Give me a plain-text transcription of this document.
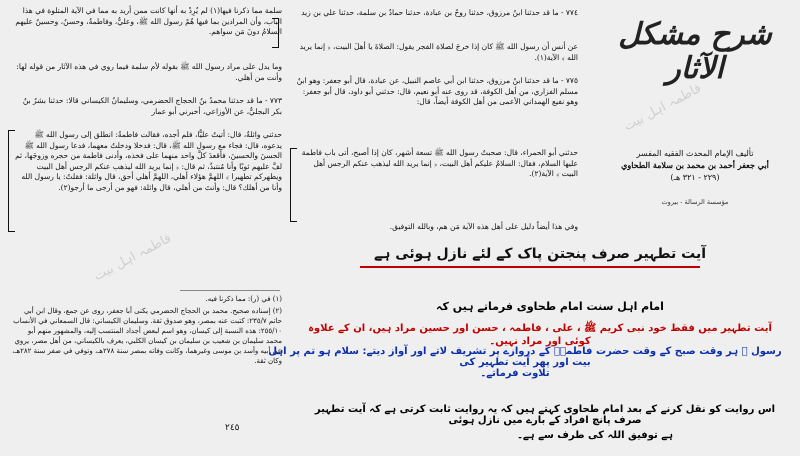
سلمة مما ذكرنا فيها(١) لم يُرِدْ به أنها كانت ممن أريد به مما في الآية المتلوة في هذا الباب، وأن المرادين بما فيها هُمْ رسول الله ﷺ، وعليٌّ، وفاطمةُ، وحسنٌ، وحسينٌ عليهم السلامُ دونَ مَن سواهم.
وما يدل على مراد رسول الله ﷺ بقوله لأم سلمة فيما روي في هذه الآثار من قوله لها: وأنت من أهلي.
٧٧٣ - ما قد حدثنا محمدُ بنُ الحجاج الحضرمي، وسليمانُ الكيساني قالا: حدثنا بشرُ بنُ بكر البجليُّ، عن الأوزاعي، أخبرني أبو عمار
حدثني واثلةُ، قال: أتيتُ عليًّا، فلم أجده، فقالت فاطمةُ: انطلق إلى رسول الله ﷺ يدعوه، قال: فجاء مع رسول الله ﷺ، قال: فدخلا ودخلتُ معهما، فدعا رسول الله ﷺ الحسنَ والحسينَ، فأقعدَ كلَّ واحد منهما على فخذه، وأدنى فاطمة من حجره وزوجَها، ثم لفَّ عليهم ثوبًا وأنا مُنتبذٌ، ثم قال: ﴿ إنما يريد الله ليذهب عنكم الرجس أهل البيت ويطهركم تطهيرا ﴾ اللهمَّ هؤلاء أهلي، اللهمَّ أهلي أحق، قال واثلة: فقلتُ: يا رسول الله وأنا من أهلك؟ قال: وأنتَ من أهلي، قال واثلة: فهو من أرجى ما أرجو(٢).
(١) في (ر): مما ذكرنا فيه.
(٢) إسناده صحيح. محمد بن الحجاج الحضرمي يكنى أبا جعفر، روى عن جمع، وقال ابن أبي حاتم ٢٣٥/٧: كتبت عنه بمصر، وهو صدوق ثقة. وسليمان الكيساني: قال السمعاني في الأنساب ٢٥٥/١٠: هذه النسبة إلى كيسان، وهو اسم لبعض أجداد المنتسب إليه، والمشهور منهم أبو محمد سليمان بن شعيب بن سليمان بن كيسان الكلبي، يعرف بالكيساني، من أهل مصر، يروي عن أبيه وأسد بن موسى وغيرهما، وكانت وفاته بمصر سنة ٢٧٨هـ، وتوفي في صفر سنة ٢٨٢هـ، وكان ثقة.
٢٤٥
٧٧٤ - ما قد حدثنا ابنُ مرزوق، حدثنا روحُ بن عبادة، حدثنا حمادُ بن سلمة، حدثنا علي بن زيد
عن أنس أن رسول الله ﷺ كان إذا خرجَ لصلاة الفجر يقول: الصلاةَ يا أهلَ البيت، ﴿ إنما يريد الله ﴾ الآية(١).
٧٧٥ - ما قد حدثنا ابنُ مرزوق، حدثنا ابن أبي عاصم النبيل، عن عبادة، قال أبو جعفر: وهو ابنُ مسلم الفزاري، من أهل الكوفة، قد روى عنه أبو نعيم، قال: حدثني أبو داود، قال أبو جعفر: وهو نفيع الهمداني الأعمى من أهل الكوفة أيضاً، قال:
حدثني أبو الحمراء، قال: صحبتُ رسول الله ﷺ تسعة أشهر، كان إذا أصبح، أتى باب فاطمة عليها السلام، فقال: السلامُ عليكم أهل البيت، ﴿ إنما يريد الله ليذهب عنكم الرجس أهل البيت ﴾ الآية(٢).
وفي هذا أيضاً دليل على أهل هذه الآية مَن هم، وبالله التوفيق.
شرح مشكل الآثار
تأليف الإمام المحدث الفقيه المفسر
أبي جعفر أحمد بن محمد بن سلامة الطحاوي
(٢٢٩ - ٣٢١ هـ)
مؤسسة الرسالة - بيروت
فاطمہ اہل بیت
فاطمہ اہل بیت	آیت تطہیر صرف پنجتن پاک کے لئے نازل ہوئی ہے
امام اہل سنت امام طحاوی فرماتے ہیں کہ
آیت تطہیر میں فقط خود نبی کریم ﷺ ، علی ، فاطمہ ، حسن اور حسین مراد ہیں، ان کے علاوہ کوئی اور مراد نہیں۔
رسول ﷺ ہر وقت صبح کے وقت حضرت فاطمہؑ کے دروازے پر تشریف لاتے اور آواز دیتے: سلام ہو تم پر اہل بیت اور پھر آیت تطہیر کی
تلاوت فرماتے۔
اس روایت کو نقل کرنے کے بعد امام طحاوی کہتے ہیں کہ یہ روایت ثابت کرتی ہے کہ آیت تطہیر صرف پانچ افراد کے بارے میں نازل ہوئی
ہے توفیق اللہ کی طرف سے ہے۔
